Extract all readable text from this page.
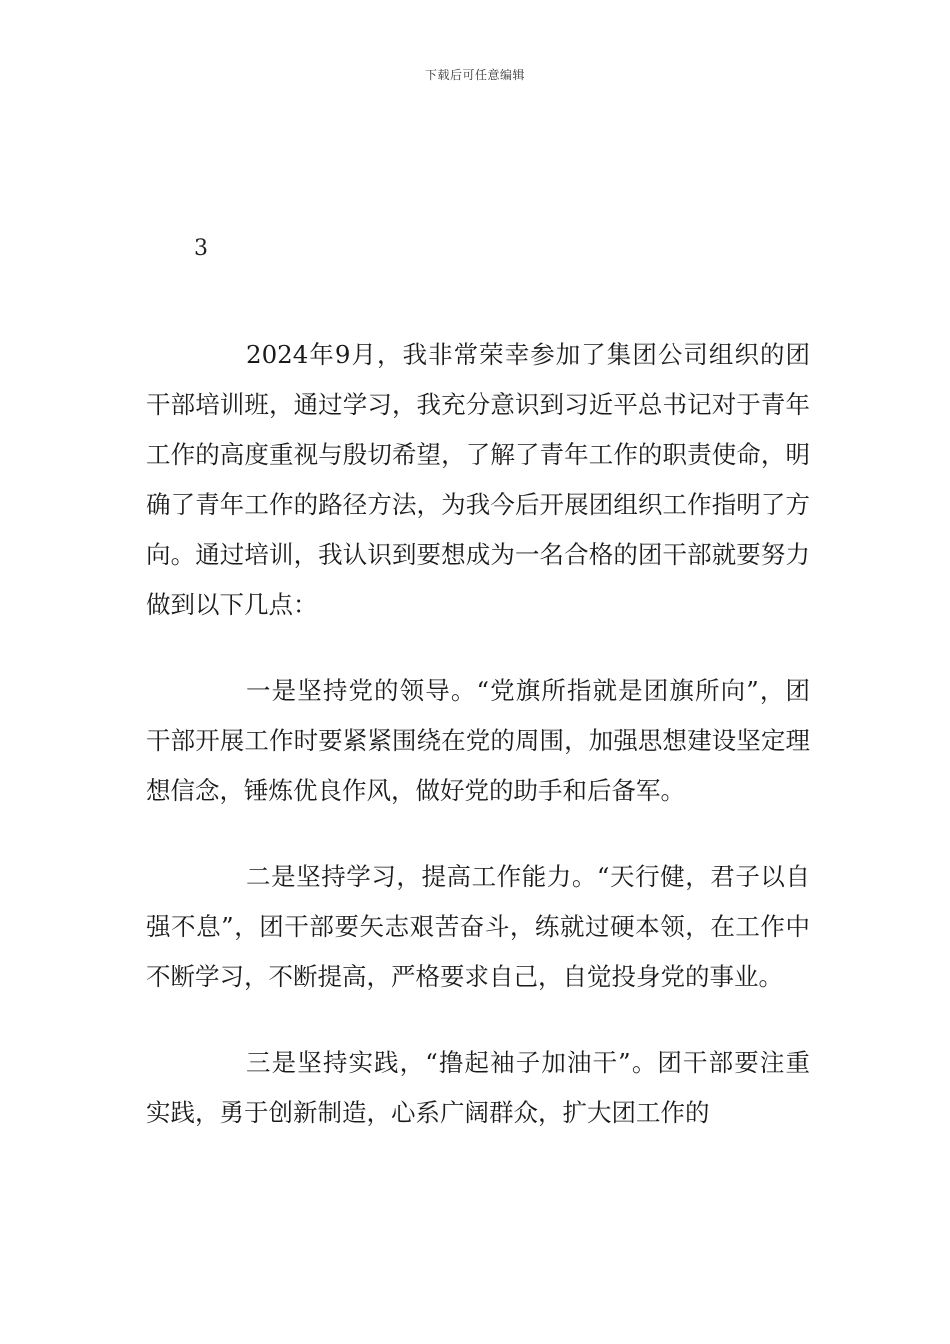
下载后可任意编辑
3

2024年9月，我非常荣幸参加了集团公司组织的团干部培训班，通过学习，我充分意识到习近平总书记对于青年工作的高度重视与殷切希望，了解了青年工作的职责使命，明确了青年工作的路径方法，为我今后开展团组织工作指明了方向。通过培训，我认识到要想成为一名合格的团干部就要努力做到以下几点：

一是坚持党的领导。“党旗所指就是团旗所向”，团干部开展工作时要紧紧围绕在党的周围，加强思想建设坚定理想信念，锤炼优良作风，做好党的助手和后备军。

二是坚持学习，提高工作能力。“天行健，君子以自强不息”，团干部要矢志艰苦奋斗，练就过硬本领，在工作中不断学习，不断提高，严格要求自己，自觉投身党的事业。

三是坚持实践，“撸起袖子加油干”。团干部要注重实践，勇于创新制造，心系广阔群众，扩大团工作的
